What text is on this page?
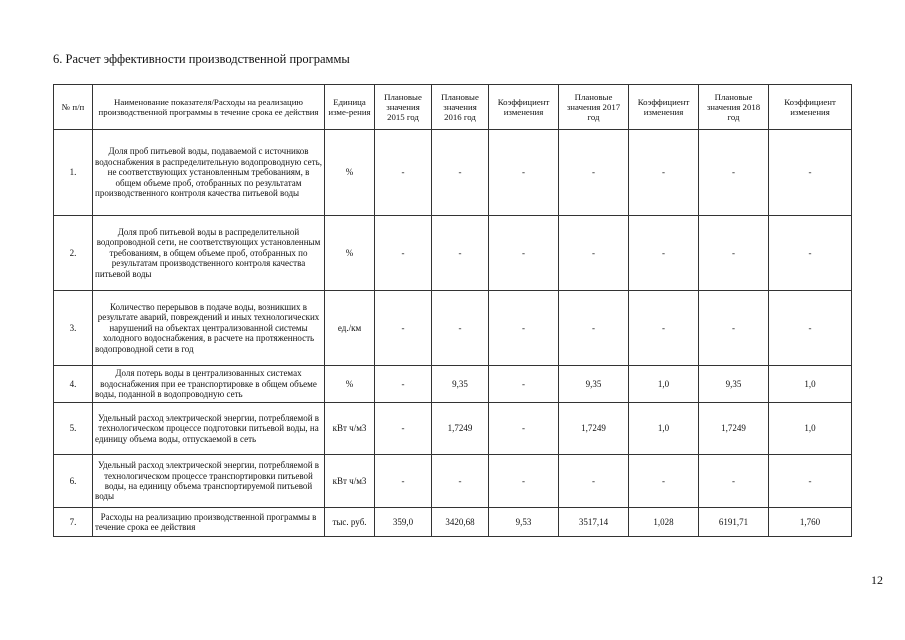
6. Расчет эффективности производственной программы
№ п/п	Наименование показателя/Расходы на реализацию производственной программы в течение срока ее действия	Единица изме-рения	Плановые значения 2015 год	Плановые значения 2016 год	Коэффициент изменения	Плановые значения 2017 год	Коэффициент изменения	Плановые значения 2018 год	Коэффициент изменения
1.	Доля проб питьевой воды, подаваемой с источников водоснабжения в распределительную водопроводную сеть, не соответствующих установленным требованиям, в общем объеме проб, отобранных по результатам производственного контроля качества питьевой воды	%	-	-	-	-	-	-	-
2.	Доля проб питьевой воды в распределительной водопроводной сети, не соответствующих установленным требованиям, в общем объеме проб, отобранных по результатам производственного контроля качества питьевой воды	%	-	-	-	-	-	-	-
3.	Количество перерывов в подаче воды, возникших в результате аварий, повреждений и иных технологических нарушений на объектах централизованной системы холодного водоснабжения, в расчете на протяженность водопроводной сети в год	ед./км	-	-	-	-	-	-	-
4.	Доля потерь воды в централизованных системах водоснабжения при ее транспортировке в общем объеме воды, поданной в водопроводную сеть	%	-	9,35	-	9,35	1,0	9,35	1,0
5.	Удельный расход электрической энергии, потребляемой в технологическом процессе подготовки питьевой воды, на единицу объема воды, отпускаемой в сеть	кВт ч/м3	-	1,7249	-	1,7249	1,0	1,7249	1,0
6.	Удельный расход электрической энергии, потребляемой в технологическом процессе транспортировки питьевой воды, на единицу объема транспортируемой питьевой воды	кВт ч/м3	-	-	-	-	-	-	-
7.	Расходы на реализацию производственной программы в течение срока ее действия	тыс. руб.	359,0	3420,68	9,53	3517,14	1,028	6191,71	1,760
12
